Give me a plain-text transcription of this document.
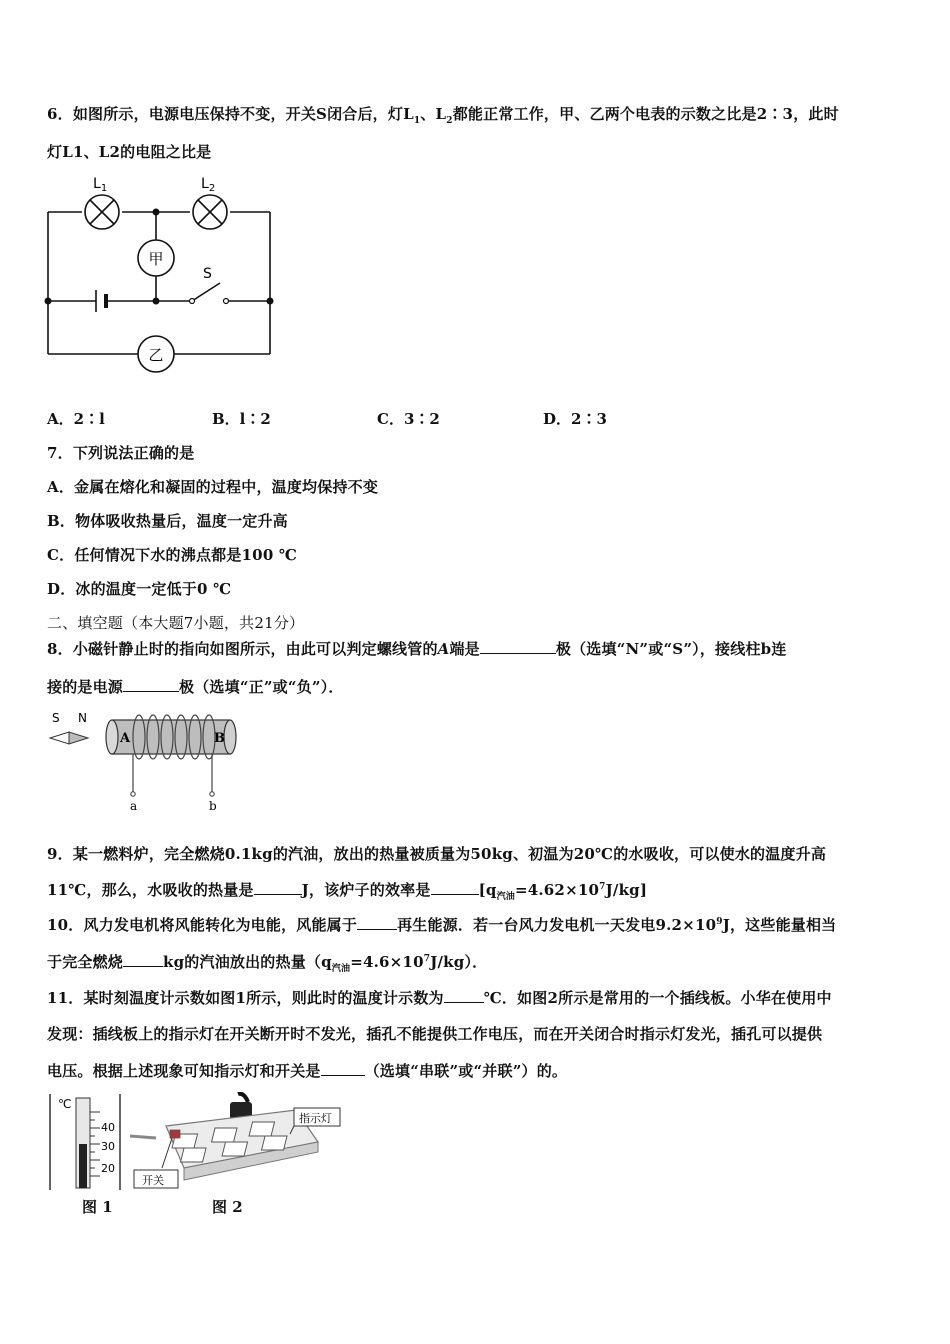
6．如图所示，电源电压保持不变，开关S闭合后，灯$L_1$、$L_2$都能正常工作，甲、乙两个电表的示数之比是2∶3，此时
灯L1、L2的电阻之比是
$L_1$	$L_2$
甲
乙
S
A．2∶l	B．l∶2	C．3∶2	D．2∶3
7．下列说法正确的是
A．金属在熔化和凝固的过程中，温度均保持不变
B．物体吸收热量后，温度一定升高
C．任何情况下水的沸点都是100 ℃
D．冰的温度一定低于0 ℃
二、填空题（本大题7小题，共21分）
8．小磁针静止时的指向如图所示，由此可以判定螺线管的A端是	极（选填“N”或“S”），接线柱b连
接的是电源	极（选填“正”或“负”）．
S N
A	B
a	b
9．某一燃料炉，完全燃烧0.1kg的汽油，放出的热量被质量为50kg、初温为20℃的水吸收，可以使水的温度升高
11℃，那么，水吸收的热量是	J，该炉子的效率是	$[q_{汽油}=4.62\times 10^7J/kg]$
10．风力发电机将风能转化为电能，风能属于	再生能源．若一台风力发电机一天发电$9.2\times 10^9J$，这些能量相当
于完全燃烧	kg的汽油放出的热量$(q_{汽油}=4.6\times 10^7J/kg)$．
11．某时刻温度计示数如图1所示，则此时的温度计示数为	℃．如图2所示是常用的一个插线板。小华在使用中
发现：插线板上的指示灯在开关断开时不发光，插孔不能提供工作电压，而在开关闭合时指示灯发光，插孔可以提供
电压。根据上述现象可知指示灯和开关是	（选填“串联”或“并联”）的。
℃
40
30
20
指示灯
开关
图 1	图 2
